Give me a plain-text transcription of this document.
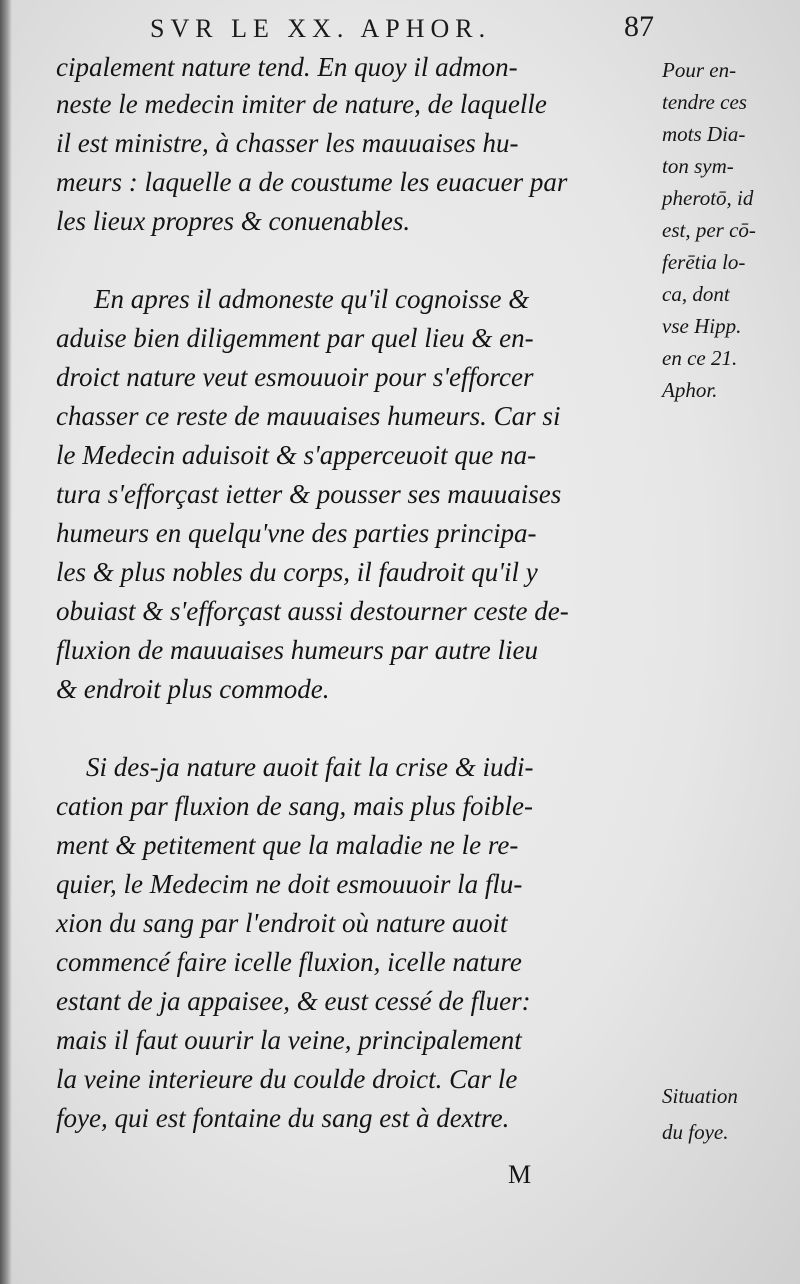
SVR LE XX. APHOR.	87
cipalement nature tend. En quoy il admon-
neste le medecin imiter de nature, de laquelle
il est ministre, à chasser les mauuaises hu-
meurs : laquelle a de coustume les euacuer par
les lieux propres & conuenables.
En apres il admoneste qu'il cognoisse &
aduise bien diligemment par quel lieu & en-
droict nature veut esmouuoir pour s'efforcer
chasser ce reste de mauuaises humeurs. Car si
le Medecin aduisoit & s'apperceuoit que na-
tura s'efforçast ietter & pousser ses mauuaises
humeurs en quelqu'vne des parties principa-
les & plus nobles du corps, il faudroit qu'il y
obuiast & s'efforçast aussi destourner ceste de-
fluxion de mauuaises humeurs par autre lieu
& endroit plus commode.
Si des-ja nature auoit fait la crise & iudi-
cation par fluxion de sang, mais plus foible-
ment & petitement que la maladie ne le re-
quier, le Medecim ne doit esmouuoir la flu-
xion du sang par l'endroit où nature auoit
commencé faire icelle fluxion, icelle nature
estant de ja appaisee, & eust cessé de fluer:
mais il faut ouurir la veine, principalement
la veine interieure du coulde droict. Car le
foye, qui est fontaine du sang est à dextre.
Pour en-
tendre ces
mots Dia-
ton sym-
pherotō, id
est, per cō-
ferētia lo-
ca, dont
vse Hipp.
en ce 21.
Aphor.
Situation
du foye.
M
